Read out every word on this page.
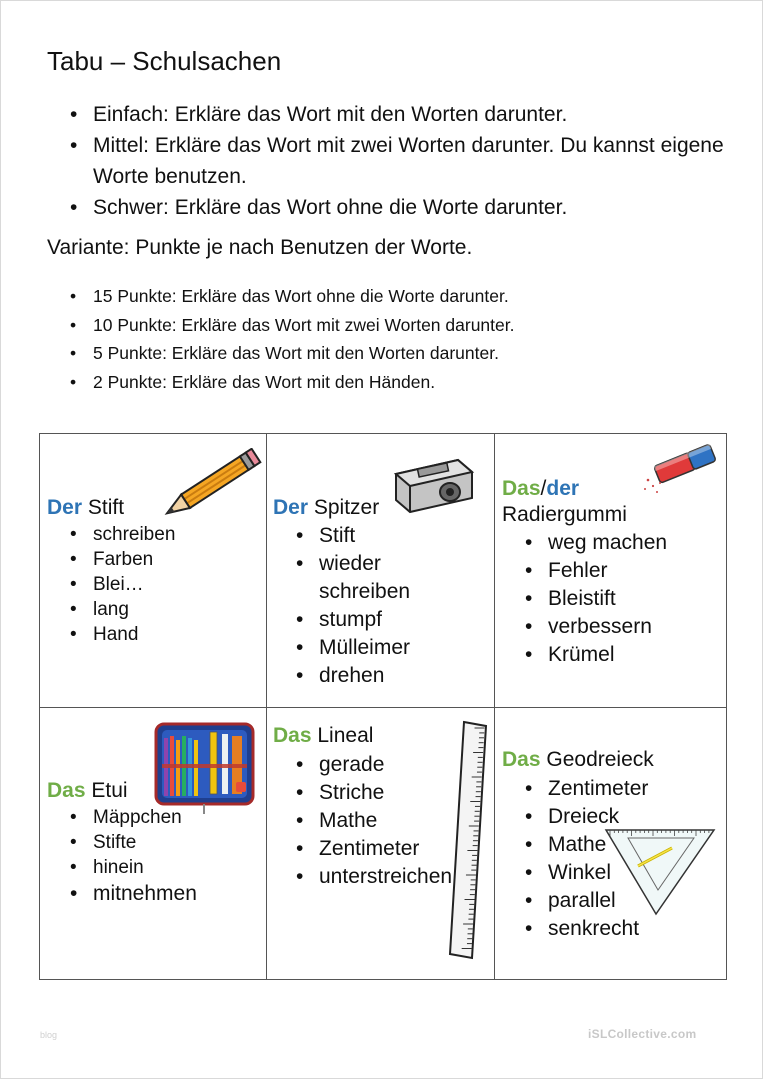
Tabu – Schulsachen
• Einfach: Erkläre das Wort mit den Worten darunter.
• Mittel: Erkläre das Wort mit zwei Worten darunter. Du kannst eigene Worte benutzen.
• Schwer: Erkläre das Wort ohne die Worte darunter.
Variante: Punkte je nach Benutzen der Worte.
• 15 Punkte: Erkläre das Wort ohne die Worte darunter.
• 10 Punkte: Erkläre das Wort mit zwei Worten darunter.
• 5 Punkte: Erkläre das Wort mit den Worten darunter.
• 2 Punkte: Erkläre das Wort mit den Händen.
Der Stift
• schreiben
• Farben
• Blei…
• lang
• Hand
Der Spitzer
• Stift
• wieder schreiben
• stumpf
• Mülleimer
• drehen
Das/der
Radiergummi
• weg machen
• Fehler
• Bleistift
• verbessern
• Krümel
Das Etui
• Mäppchen
• Stifte
• hinein
• mitnehmen
Das Lineal
• gerade
• Striche
• Mathe
• Zentimeter
• unterstreichen
Das Geodreieck
• Zentimeter
• Dreieck
• Mathe
• Winkel
• parallel
• senkrecht
blog	iSLCollective.com
